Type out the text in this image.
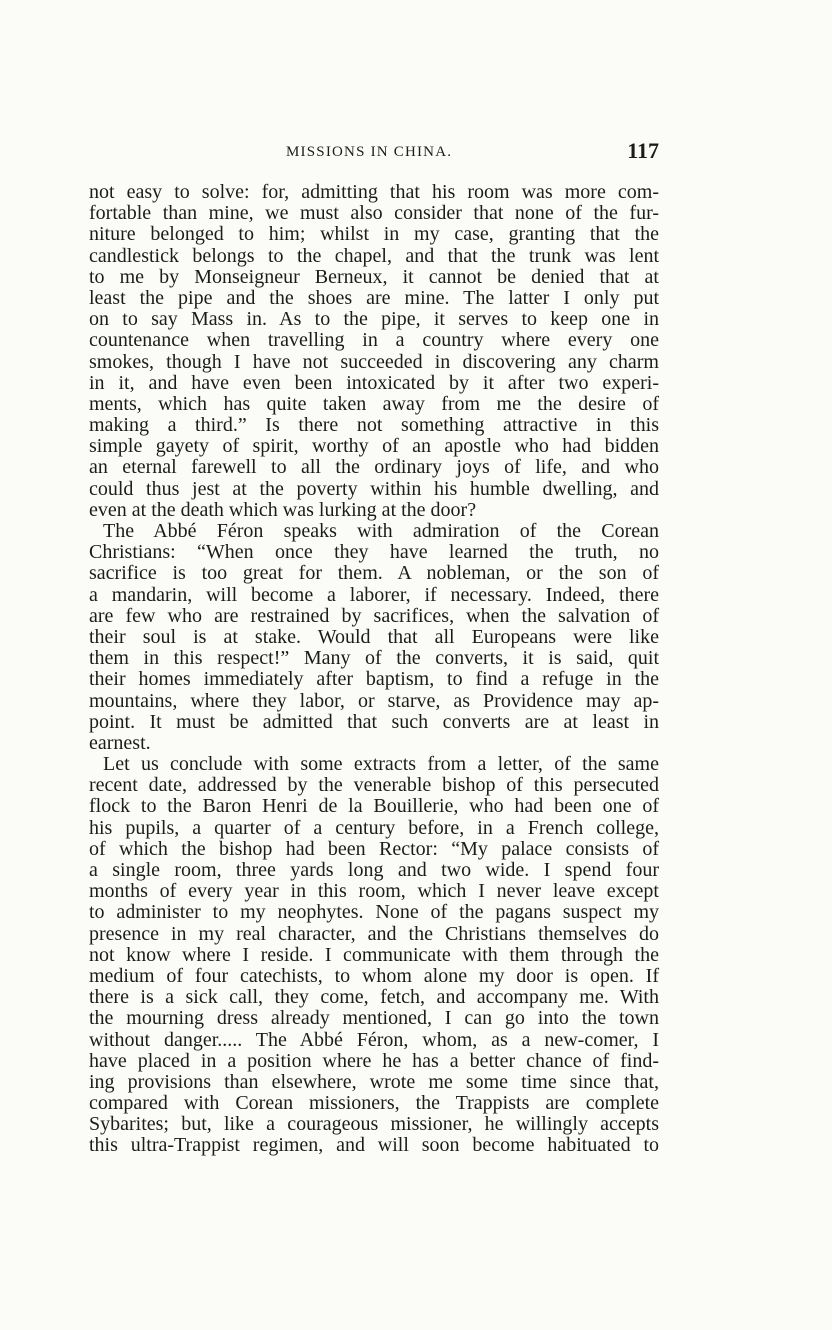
MISSIONS IN CHINA.	117
not easy to solve: for, admitting that his room was more com-
fortable than mine, we must also consider that none of the fur-
niture belonged to him; whilst in my case, granting that the
candlestick belongs to the chapel, and that the trunk was lent
to me by Monseigneur Berneux, it cannot be denied that at
least the pipe and the shoes are mine. The latter I only put
on to say Mass in. As to the pipe, it serves to keep one in
countenance when travelling in a country where every one
smokes, though I have not succeeded in discovering any charm
in it, and have even been intoxicated by it after two experi-
ments, which has quite taken away from me the desire of
making a third.” Is there not something attractive in this
simple gayety of spirit, worthy of an apostle who had bidden
an eternal farewell to all the ordinary joys of life, and who
could thus jest at the poverty within his humble dwelling, and
even at the death which was lurking at the door?
The Abbé Féron speaks with admiration of the Corean
Christians: “When once they have learned the truth, no
sacrifice is too great for them. A nobleman, or the son of
a mandarin, will become a laborer, if necessary. Indeed, there
are few who are restrained by sacrifices, when the salvation of
their soul is at stake. Would that all Europeans were like
them in this respect!” Many of the converts, it is said, quit
their homes immediately after baptism, to find a refuge in the
mountains, where they labor, or starve, as Providence may ap-
point. It must be admitted that such converts are at least in
earnest.
Let us conclude with some extracts from a letter, of the same
recent date, addressed by the venerable bishop of this persecuted
flock to the Baron Henri de la Bouillerie, who had been one of
his pupils, a quarter of a century before, in a French college,
of which the bishop had been Rector: “My palace consists of
a single room, three yards long and two wide. I spend four
months of every year in this room, which I never leave except
to administer to my neophytes. None of the pagans suspect my
presence in my real character, and the Christians themselves do
not know where I reside. I communicate with them through the
medium of four catechists, to whom alone my door is open. If
there is a sick call, they come, fetch, and accompany me. With
the mourning dress already mentioned, I can go into the town
without danger..... The Abbé Féron, whom, as a new-comer, I
have placed in a position where he has a better chance of find-
ing provisions than elsewhere, wrote me some time since that,
compared with Corean missioners, the Trappists are complete
Sybarites; but, like a courageous missioner, he willingly accepts
this ultra-Trappist regimen, and will soon become habituated to
